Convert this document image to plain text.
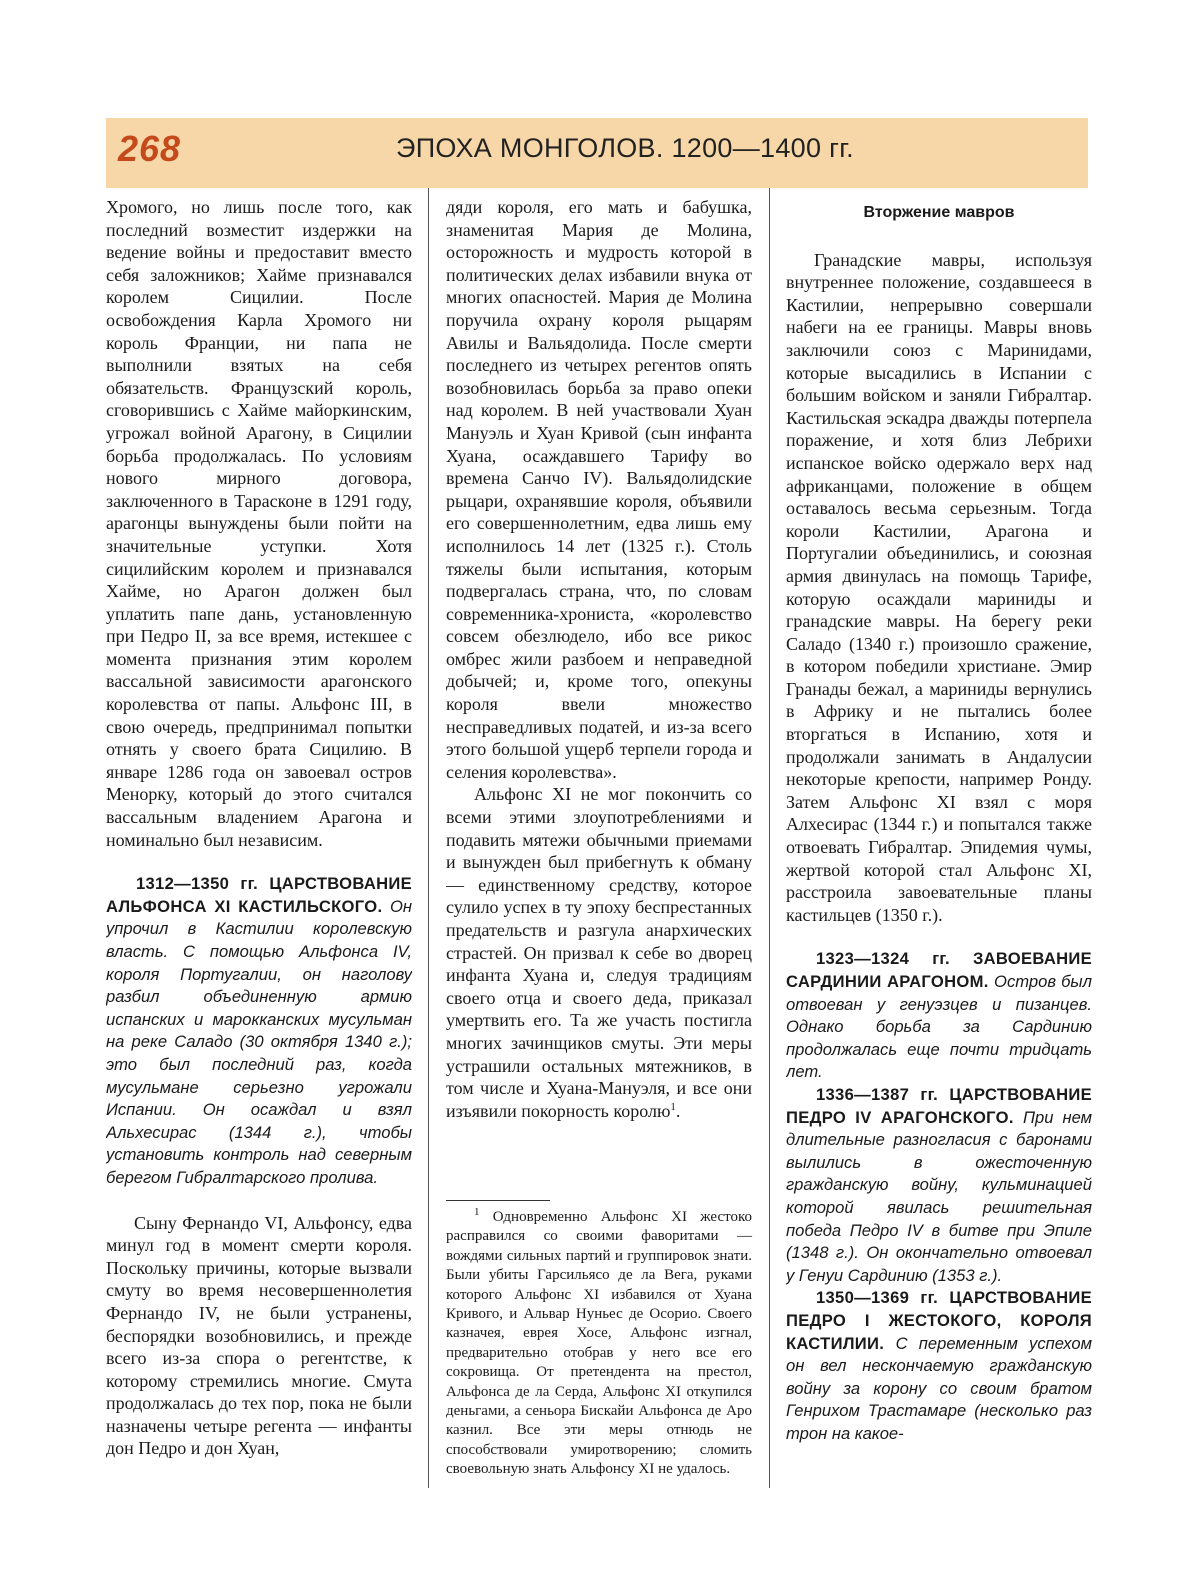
268	ЭПОХА МОНГОЛОВ. 1200—1400 гг.

Хромого, но лишь после того, как последний возместит издержки на ведение войны и предоставит вместо себя заложников; Хайме признавался королем Сицилии. После освобождения Карла Хромого ни король Франции, ни папа не выполнили взятых на себя обязательств. Французский король, сговорившись с Хайме майоркинским, угрожал войной Арагону, в Сицилии борьба продолжалась. По условиям нового мирного договора, заключенного в Тарасконе в 1291 году, арагонцы вынуждены были пойти на значительные уступки. Хотя сицилийским королем и признавался Хайме, но Арагон должен был уплатить папе дань, установленную при Педро II, за все время, истекшее с момента признания этим королем вассальной зависимости арагонского королевства от папы. Альфонс III, в свою очередь, предпринимал попытки отнять у своего брата Сицилию. В январе 1286 года он завоевал остров Менорку, который до этого считался вассальным владением Арагона и номинально был независим.

1312—1350 гг. ЦАРСТВОВАНИЕ АЛЬФОНСА XI КАСТИЛЬСКОГО. Он упрочил в Кастилии королевскую власть. С помощью Альфонса IV, короля Португалии, он наголову разбил объединенную армию испанских и марокканских мусульман на реке Саладо (30 октября 1340 г.); это был последний раз, когда мусульмане серьезно угрожали Испании. Он осаждал и взял Альхесирас (1344 г.), чтобы установить контроль над северным берегом Гибралтарского пролива.

Сыну Фернандо VI, Альфонсу, едва минул год в момент смерти короля. Поскольку причины, которые вызвали смуту во время несовершеннолетия Фернандо IV, не были устранены, беспорядки возобновились, и прежде всего из-за спора о регентстве, к которому стремились многие. Смута продолжалась до тех пор, пока не были назначены четыре регента — инфанты дон Педро и дон Хуан,

дяди короля, его мать и бабушка, знаменитая Мария де Молина, осторожность и мудрость которой в политических делах избавили внука от многих опасностей. Мария де Молина поручила охрану короля рыцарям Авилы и Вальядолида. После смерти последнего из четырех регентов опять возобновилась борьба за право опеки над королем. В ней участвовали Хуан Мануэль и Хуан Кривой (сын инфанта Хуана, осаждавшего Тарифу во времена Санчо IV). Вальядолидские рыцари, охранявшие короля, объявили его совершеннолетним, едва лишь ему исполнилось 14 лет (1325 г.). Столь тяжелы были испытания, которым подвергалась страна, что, по словам современника-хрониста, «королевство совсем обезлюдело, ибо все рикос омбрес жили разбоем и неправедной добычей; и, кроме того, опекуны короля ввели множество несправедливых податей, и из-за всего этого большой ущерб терпели города и селения королевства».

Альфонс XI не мог покончить со всеми этими злоупотреблениями и подавить мятежи обычными приемами и вынужден был прибегнуть к обману — единственному средству, которое сулило успех в ту эпоху беспрестанных предательств и разгула анархических страстей. Он призвал к себе во дворец инфанта Хуана и, следуя традициям своего отца и своего деда, приказал умертвить его. Та же участь постигла многих зачинщиков смуты. Эти меры устрашили остальных мятежников, в том числе и Хуана-Мануэля, и все они изъявили покорность королю$^1$.

$^1$ Одновременно Альфонс XI жестоко расправился со своими фаворитами — вождями сильных партий и группировок знати. Были убиты Гарсильясо де ла Вега, руками которого Альфонс XI избавился от Хуана Кривого, и Альвар Нуньес де Осорио. Своего казначея, еврея Хосе, Альфонс изгнал, предварительно отобрав у него все его сокровища. От претендента на престол, Альфонса де ла Серда, Альфонс XI откупился деньгами, а сеньора Бискайи Альфонса де Аро казнил. Все эти меры отнюдь не способствовали умиротворению; сломить своевольную знать Альфонсу XI не удалось.

Вторжение мавров

Гранадские мавры, используя внутреннее положение, создавшееся в Кастилии, непрерывно совершали набеги на ее границы. Мавры вновь заключили союз с Маринидами, которые высадились в Испании с большим войском и заняли Гибралтар. Кастильская эскадра дважды потерпела поражение, и хотя близ Лебрихи испанское войско одержало верх над африканцами, положение в общем оставалось весьма серьезным. Тогда короли Кастилии, Арагона и Португалии объединились, и союзная армия двинулась на помощь Тарифе, которую осаждали мариниды и гранадские мавры. На берегу реки Саладо (1340 г.) произошло сражение, в котором победили христиане. Эмир Гранады бежал, а мариниды вернулись в Африку и не пытались более вторгаться в Испанию, хотя и продолжали занимать в Андалусии некоторые крепости, например Ронду. Затем Альфонс XI взял с моря Алхесирас (1344 г.) и попытался также отвоевать Гибралтар. Эпидемия чумы, жертвой которой стал Альфонс XI, расстроила завоевательные планы кастильцев (1350 г.).

1323—1324 гг. ЗАВОЕВАНИЕ САРДИНИИ АРАГОНОМ. Остров был отвоеван у генуэзцев и пизанцев. Однако борьба за Сардинию продолжалась еще почти тридцать лет.

1336—1387 гг. ЦАРСТВОВАНИЕ ПЕДРО IV АРАГОНСКОГО. При нем длительные разногласия с баронами вылились в ожесточенную гражданскую войну, кульминацией которой явилась решительная победа Педро IV в битве при Эпиле (1348 г.). Он окончательно отвоевал у Генуи Сардинию (1353 г.).

1350—1369 гг. ЦАРСТВОВАНИЕ ПЕДРО I ЖЕСТОКОГО, КОРОЛЯ КАСТИЛИИ. С переменным успехом он вел нескончаемую гражданскую войну за корону со своим братом Генрихом Трастамаре (несколько раз трон на какое-
